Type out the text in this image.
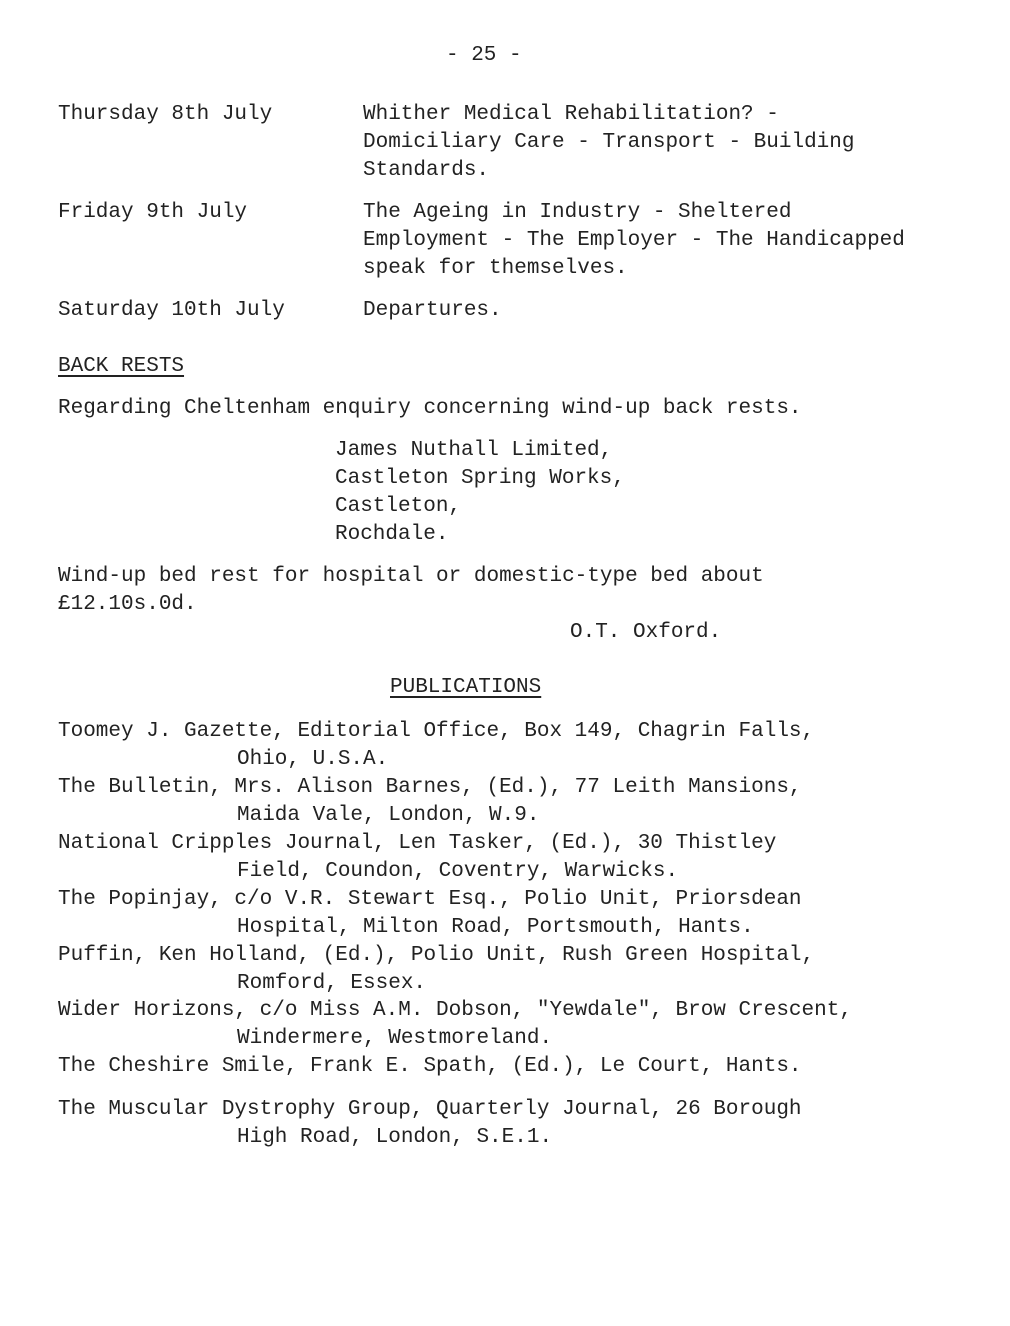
- 25 -
Thursday 8th July	Whither Medical Rehabilitation? -
Domiciliary Care - Transport - Building
Standards.
Friday 9th July	The Ageing in Industry - Sheltered
Employment - The Employer - The Handicapped
speak for themselves.
Saturday 10th July	Departures.
BACK RESTS
Regarding Cheltenham enquiry concerning wind-up back rests.
James Nuthall Limited,
Castleton Spring Works,
Castleton,
Rochdale.
Wind-up bed rest for hospital or domestic-type bed about
£12.10s.0d.
O.T. Oxford.
PUBLICATIONS
Toomey J. Gazette, Editorial Office, Box 149, Chagrin Falls,
Ohio, U.S.A.
The Bulletin, Mrs. Alison Barnes, (Ed.), 77 Leith Mansions,
Maida Vale, London, W.9.
National Cripples Journal, Len Tasker, (Ed.), 30 Thistley
Field, Coundon, Coventry, Warwicks.
The Popinjay, c/o V.R. Stewart Esq., Polio Unit, Priorsdean
Hospital, Milton Road, Portsmouth, Hants.
Puffin, Ken Holland, (Ed.), Polio Unit, Rush Green Hospital,
Romford, Essex.
Wider Horizons, c/o Miss A.M. Dobson, "Yewdale", Brow Crescent,
Windermere, Westmoreland.
The Cheshire Smile, Frank E. Spath, (Ed.), Le Court, Hants.
The Muscular Dystrophy Group, Quarterly Journal, 26 Borough
High Road, London, S.E.1.
